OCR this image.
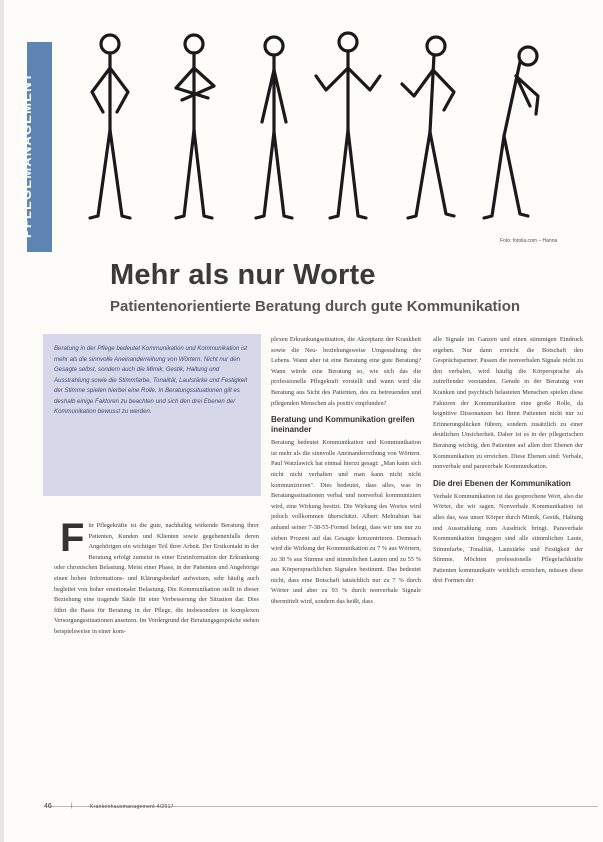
PFLEGEMANAGEMENT
Foto: fotolia.com – Hanna
Mehr als nur Worte
Patientenorientierte Beratung durch gute Kommunikation

Beratung in der Pflege bedeutet Kommunikation und Kommunikation ist mehr als die sinnvolle Aneinanderreihung von Wörtern. Nicht nur den Gesagte selbst, sondern auch die Mimik, Gestik, Haltung und Ausstrahlung sowie die Stimmfarbe, Tonalität, Lautstärke und Festigkeit der Stimme spielen hierbei eine Rolle. In Beratungssituationen gilt es deshalb einige Faktoren zu beachten und sich den drei Ebenen der Kommunikation bewusst zu werden.

F ür Pflegekräfte ist die gute, nachhaltig wirkende Beratung ihrer Patienten, Kunden und Klienten sowie gegebenenfalls deren Angehörigen ein wichtiger Teil ihrer Arbeit. Der Erstkontakt in der Beratung erfolgt zumeist in einer Erstinformation der Erkrankung oder chronischen Belastung. Meist einer Phase, in der Patienten und Angehörige einen hohen Informations- und Klärungsbedarf aufweisen, sehr häufig auch begleitet von hoher emotionaler Belastung. Die Kommunikation stellt in dieser Beziehung eine tragende Säule für eine Verbesserung der Situation dar. Dies führt die Basis für Beratung in der Pflege, die insbesondere in komplexen Versorgungssituationen ansetzen. Im Vordergrund der Beratungsgespräche stehen beispielsweise in einer kom-

plexen Erkrankungssituation, die Akzeptanz der Krankheit sowie die Neu- beziehungsweise Umgestaltung des Lebens. Wann aber ist eine Beratung eine gute Beratung? Wann würde eine Beratung so, wie sich das die professionelle Pflegekraft vorstellt und wann wird die Beratung aus Sicht des Patienten, des zu betreuenden und pflegenden Menschen als positiv empfunden?

Beratung und Kommunikation greifen ineinander

Beratung bedeutet Kommunikation und Kommunikation ist mehr als die sinnvolle Aneinanderreihung von Wörtern. Paul Watzlawick hat einmal hierzu gesagt: „Man kann sich nicht nicht verhalten und man kann nicht nicht kommunizieren". Dies bedeutet, dass alles, was in Beratungssituationen verbal und nonverbal kommuniziert wird, eine Wirkung besitzt. Die Wirkung des Wortes wird jedoch vollkommen überschätzt. Albert Mehrabian hat anhand seiner 7-38-55-Formel belegt, dass wir uns nur zu sieben Prozent auf das Gesagte konzentrieren. Demnach wird die Wirkung der Kommunikation zu 7 % aus Wörtern, zu 38 % aus Stimme und stimmlichen Lauten und zu 55 % aus Körpersprachlichen Signalen bestimmt. Das bedeutet nicht, dass eine Botschaft tatsächlich nur zu 7 % durch Wörter und aber zu 93 % durch nonverbale Signale übermittelt wird, sondern das heißt, dass

alle Signale im Ganzen und einen stimmigen Eindruck ergeben. Nur dann erreicht die Botschaft den Gesprächspartner. Passen die nonverbalen Signale nicht zu den verbalen, wird häufig die Körpersprache als zutreffender verstanden. Gerade in der Beratung von Kranken und psychisch belasteten Menschen spielen diese Faktoren der Kommunikation eine große Rolle, da kognitive Dissonanzen bei Ihren Patienten nicht nur zu Erinnerungslücken führen, sondern zusätzlich zu einer deutlichen Unsicherheit. Daher ist es in der pflegerischen Beratung wichtig, den Patienten auf allen drei Ebenen der Kommunikation zu erreichen. Diese Ebenen sind: Verbale, nonverbale und paraverbale Kommunikation.

Die drei Ebenen der Kommunikation

Verbale Kommunikation ist das gesprochene Wort, also die Wörter, die wir sagen. Nonverbale Kommunikation ist alles das, was unser Körper durch Mimik, Gestik, Haltung und Ausstrahlung zum Ausdruck bringt. Paraverbale Kommunikation hingegen sind alle stimmlichen Laute, Stimmfarbe, Tonalität, Lautstärke und Festigkeit der Stimme. Möchten professionelle Pflegefachkräfte Patienten kommunikativ wirklich erreichen, müssen diese drei Formen der

46	|	Krankenhausmanagement 4/2017
